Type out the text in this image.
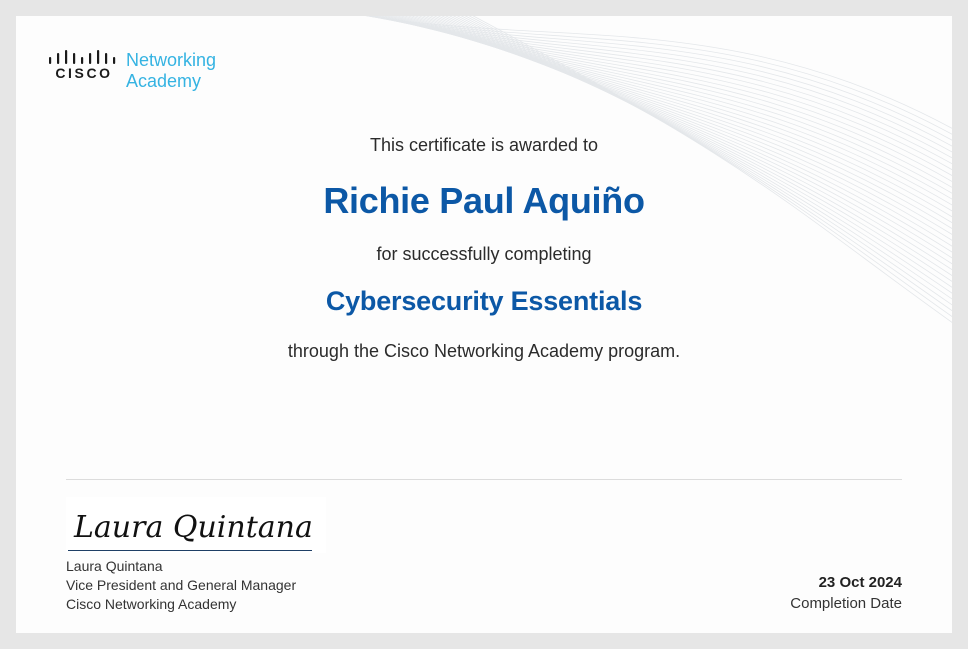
CISCO
Networking
Academy
This certificate is awarded to
Richie Paul Aquiño
for successfully completing
Cybersecurity Essentials
through the Cisco Networking Academy program.
Laura Quintana
Laura Quintana
Vice President and General Manager
Cisco Networking Academy
23 Oct 2024
Completion Date
